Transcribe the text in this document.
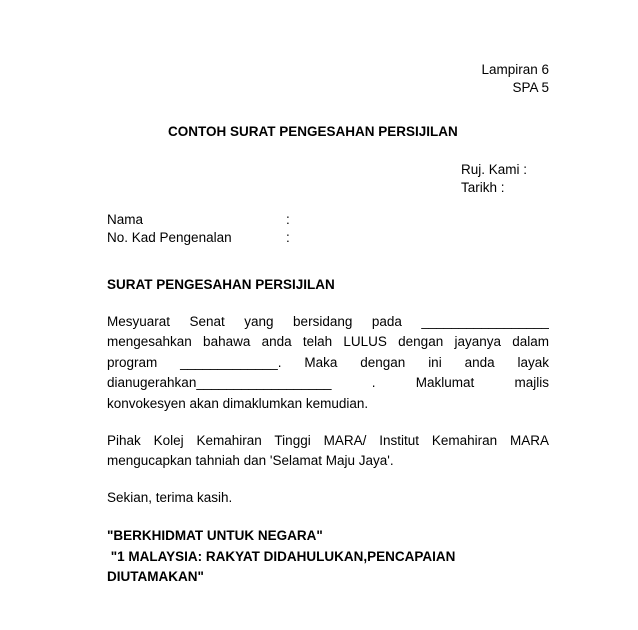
Lampiran 6
SPA 5
CONTOH SURAT PENGESAHAN PERSIJILAN
Ruj. Kami :
Tarikh :
Nama	:
No. Kad Pengenalan	:
SURAT PENGESAHAN PERSIJILAN
Mesyuarat Senat yang bersidang pada _________________
mengesahkan bahawa anda telah LULUS dengan jayanya dalam
program _____________. Maka dengan ini anda layak
dianugerahkan__________________ . Maklumat majlis
konvokesyen akan dimaklumkan kemudian.
Pihak Kolej Kemahiran Tinggi MARA/ Institut Kemahiran MARA
mengucapkan tahniah dan 'Selamat Maju Jaya'.
Sekian, terima kasih.
"BERKHIDMAT UNTUK NEGARA"
"1 MALAYSIA: RAKYAT DIDAHULUKAN,PENCAPAIAN
DIUTAMAKAN"
